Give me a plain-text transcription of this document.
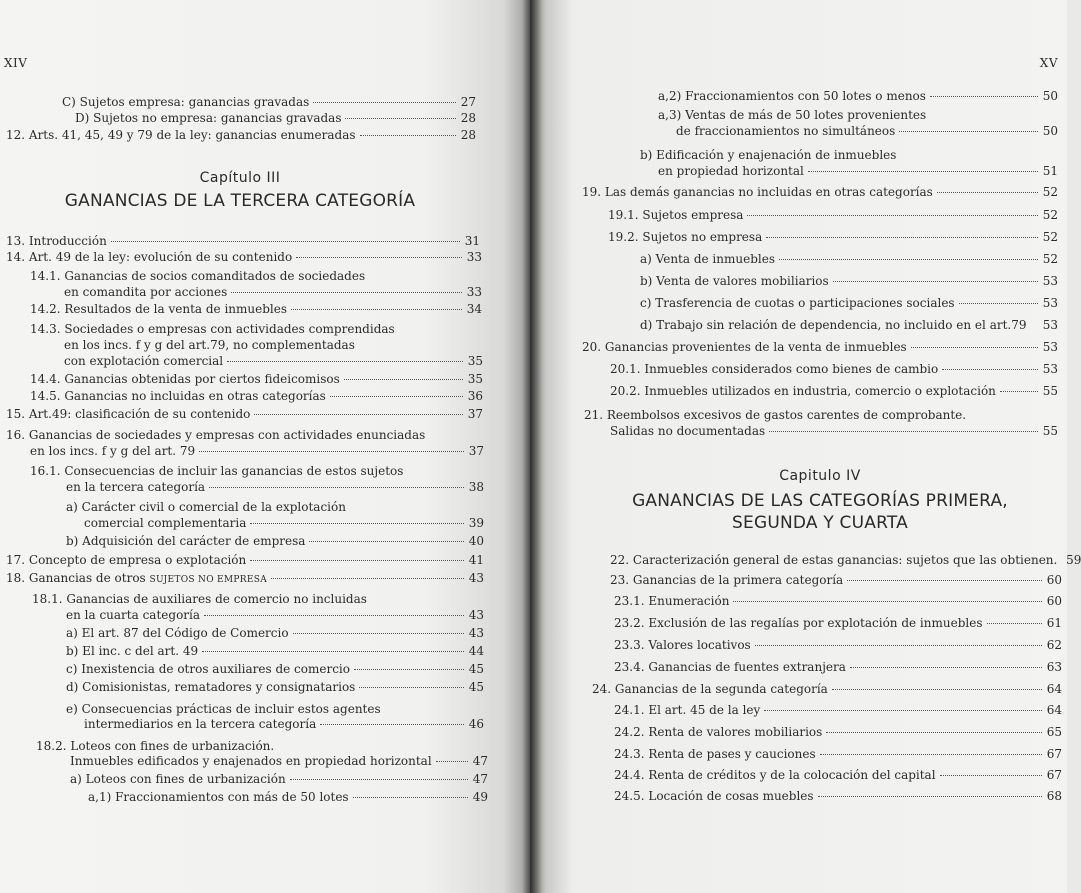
XIV
C) Sujetos empresa: ganancias gravadas	27
D) Sujetos no empresa: ganancias gravadas	28
12. Arts. 41, 45, 49 y 79 de la ley: ganancias enumeradas	28
Capítulo III
GANANCIAS DE LA TERCERA CATEGORÍA
13. Introducción	31
14. Art. 49 de la ley: evolución de su contenido	33
14.1. Ganancias de socios comanditados de sociedades
en comandita por acciones	33
14.2. Resultados de la venta de inmuebles	34
14.3. Sociedades o empresas con actividades comprendidas
en los incs. f y g del art.79, no complementadas
con explotación comercial	35
14.4. Ganancias obtenidas por ciertos fideicomisos	35
14.5. Ganancias no incluidas en otras categorías	36
15. Art.49: clasificación de su contenido	37
16. Ganancias de sociedades y empresas con actividades enunciadas
en los incs. f y g del art. 79	37
16.1. Consecuencias de incluir las ganancias de estos sujetos
en la tercera categoría	38
a) Carácter civil o comercial de la explotación
comercial complementaria	39
b) Adquisición del carácter de empresa	40
17. Concepto de empresa o explotación	41
18. Ganancias de otros SUJETOS NO EMPRESA	43
18.1. Ganancias de auxiliares de comercio no incluidas
en la cuarta categoría	43
a) El art. 87 del Código de Comercio	43
b) El inc. c del art. 49	44
c) Inexistencia de otros auxiliares de comercio	45
d) Comisionistas, rematadores y consignatarios	45
e) Consecuencias prácticas de incluir estos agentes
intermediarios en la tercera categoría	46
18.2. Loteos con fines de urbanización.
Inmuebles edificados y enajenados en propiedad horizontal	47
a) Loteos con fines de urbanización	47
a,1) Fraccionamientos con más de 50 lotes	49
XV
a,2) Fraccionamientos con 50 lotes o menos	50
a,3) Ventas de más de 50 lotes provenientes
de fraccionamientos no simultáneos	50
b) Edificación y enajenación de inmuebles
en propiedad horizontal	51
19. Las demás ganancias no incluidas en otras categorías	52
19.1. Sujetos empresa	52
19.2. Sujetos no empresa	52
a) Venta de inmuebles	52
b) Venta de valores mobiliarios	53
c) Trasferencia de cuotas o participaciones sociales	53
d) Trabajo sin relación de dependencia, no incluido en el art.79 53
20. Ganancias provenientes de la venta de inmuebles	53
20.1. Inmuebles considerados como bienes de cambio	53
20.2. Inmuebles utilizados en industria, comercio o explotación	55
21. Reembolsos excesivos de gastos carentes de comprobante.
Salidas no documentadas	55
Capitulo IV
GANANCIAS DE LAS CATEGORÍAS PRIMERA,
SEGUNDA Y CUARTA
22. Caracterización general de estas ganancias: sujetos que las obtienen. 59
23. Ganancias de la primera categoría	60
23.1. Enumeración	60
23.2. Exclusión de las regalías por explotación de inmuebles	61
23.3. Valores locativos	62
23.4. Ganancias de fuentes extranjera	63
24. Ganancias de la segunda categoría	64
24.1. El art. 45 de la ley	64
24.2. Renta de valores mobiliarios	65
24.3. Renta de pases y cauciones	67
24.4. Renta de créditos y de la colocación del capital	67
24.5. Locación de cosas muebles	68
